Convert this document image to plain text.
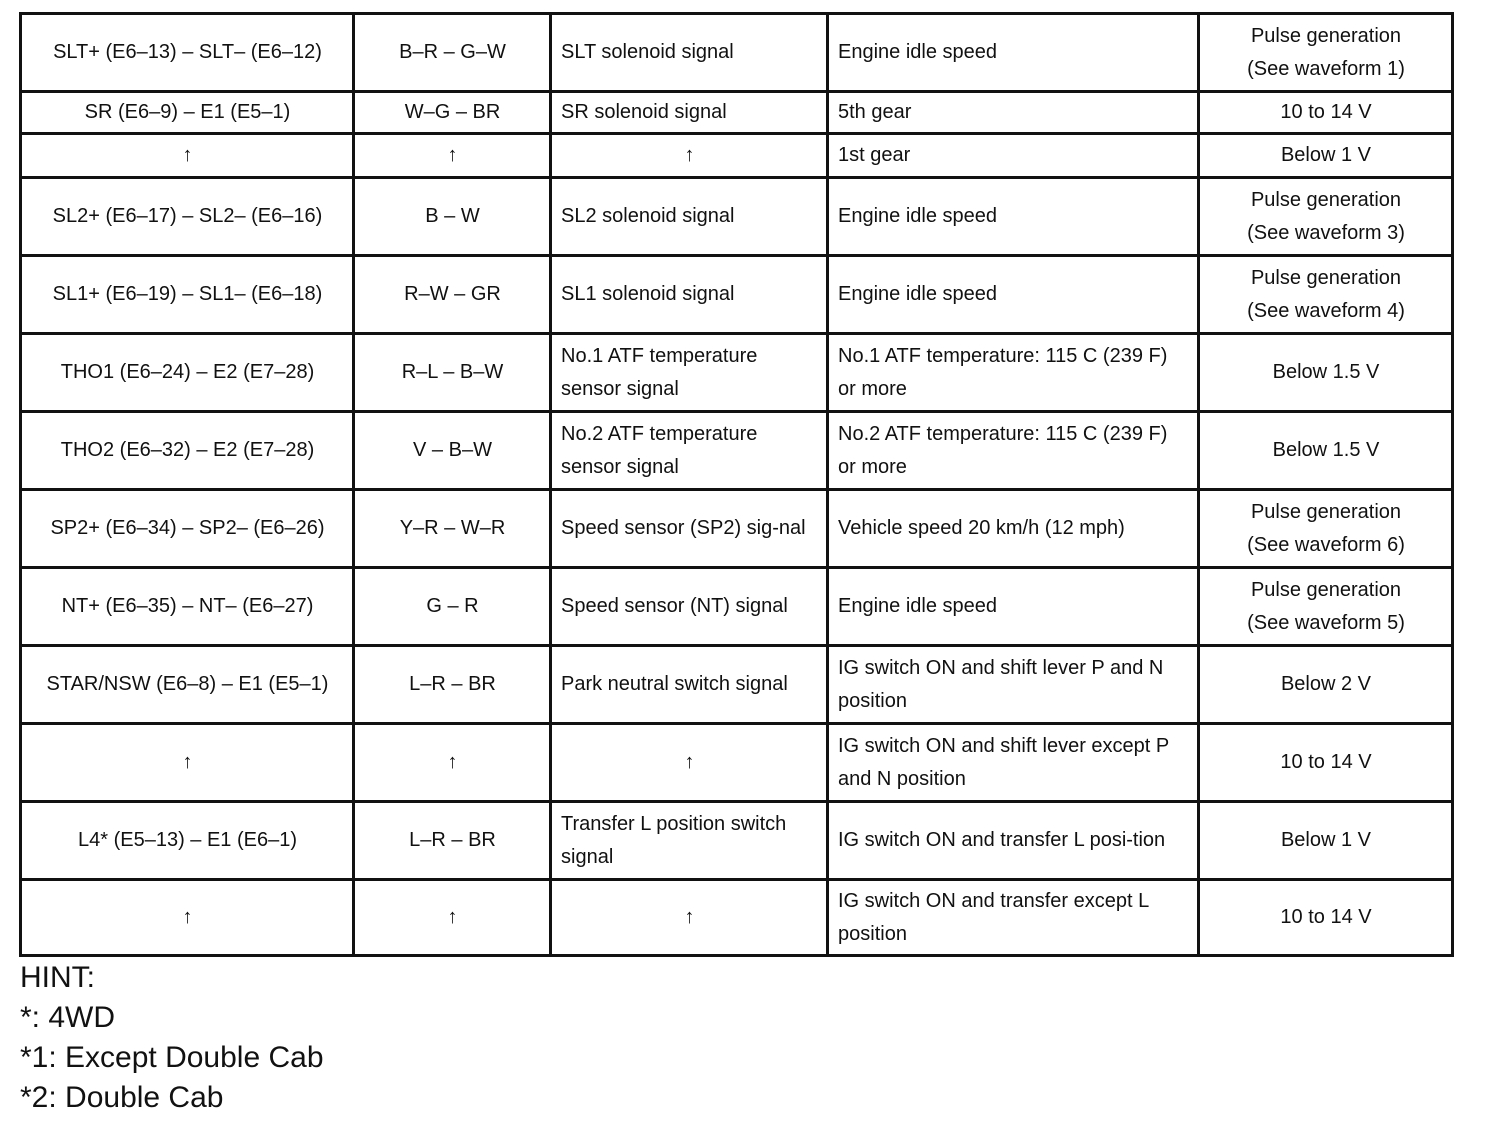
SLT+ (E6–13) – SLT– (E6–12)	B–R – G–W	SLT solenoid signal	Engine idle speed	Pulse generation
(See waveform 1)

SR (E6–9) – E1 (E5–1)	W–G – BR	SR solenoid signal	5th gear	10 to 14 V
↑	↑	↑	1st gear	Below 1 V
SL2+ (E6–17) – SL2– (E6–16)	B – W	SL2 solenoid signal	Engine idle speed	Pulse generation
(See waveform 3)

SL1+ (E6–19) – SL1– (E6–18)	R–W – GR	SL1 solenoid signal	Engine idle speed	Pulse generation
(See waveform 4)

THO1 (E6–24) – E2 (E7–28)	R–L – B–W	No.1 ATF temperature sensor signal	No.1 ATF temperature: 115 C (239 F) or more	Below 1.5 V
THO2 (E6–32) – E2 (E7–28)	V – B–W	No.2 ATF temperature sensor signal	No.2 ATF temperature: 115 C (239 F) or more	Below 1.5 V
SP2+ (E6–34) – SP2– (E6–26)	Y–R – W–R	Speed sensor (SP2) sig-nal	Vehicle speed 20 km/h (12 mph)	Pulse generation
(See waveform 6)

NT+ (E6–35) – NT– (E6–27)	G – R	Speed sensor (NT) signal	Engine idle speed	Pulse generation
(See waveform 5)

STAR/NSW (E6–8) – E1 (E5–1)	L–R – BR	Park neutral switch signal	IG switch ON and shift lever P and N position	Below 2 V
↑	↑	↑	IG switch ON and shift lever except P and N position	10 to 14 V
L4* (E5–13) – E1 (E6–1)	L–R – BR	Transfer L position switch signal	IG switch ON and transfer L posi-tion	Below 1 V
↑	↑	↑	IG switch ON and transfer except L position	10 to 14 V
HINT:
*: 4WD
*1: Except Double Cab
*2: Double Cab
